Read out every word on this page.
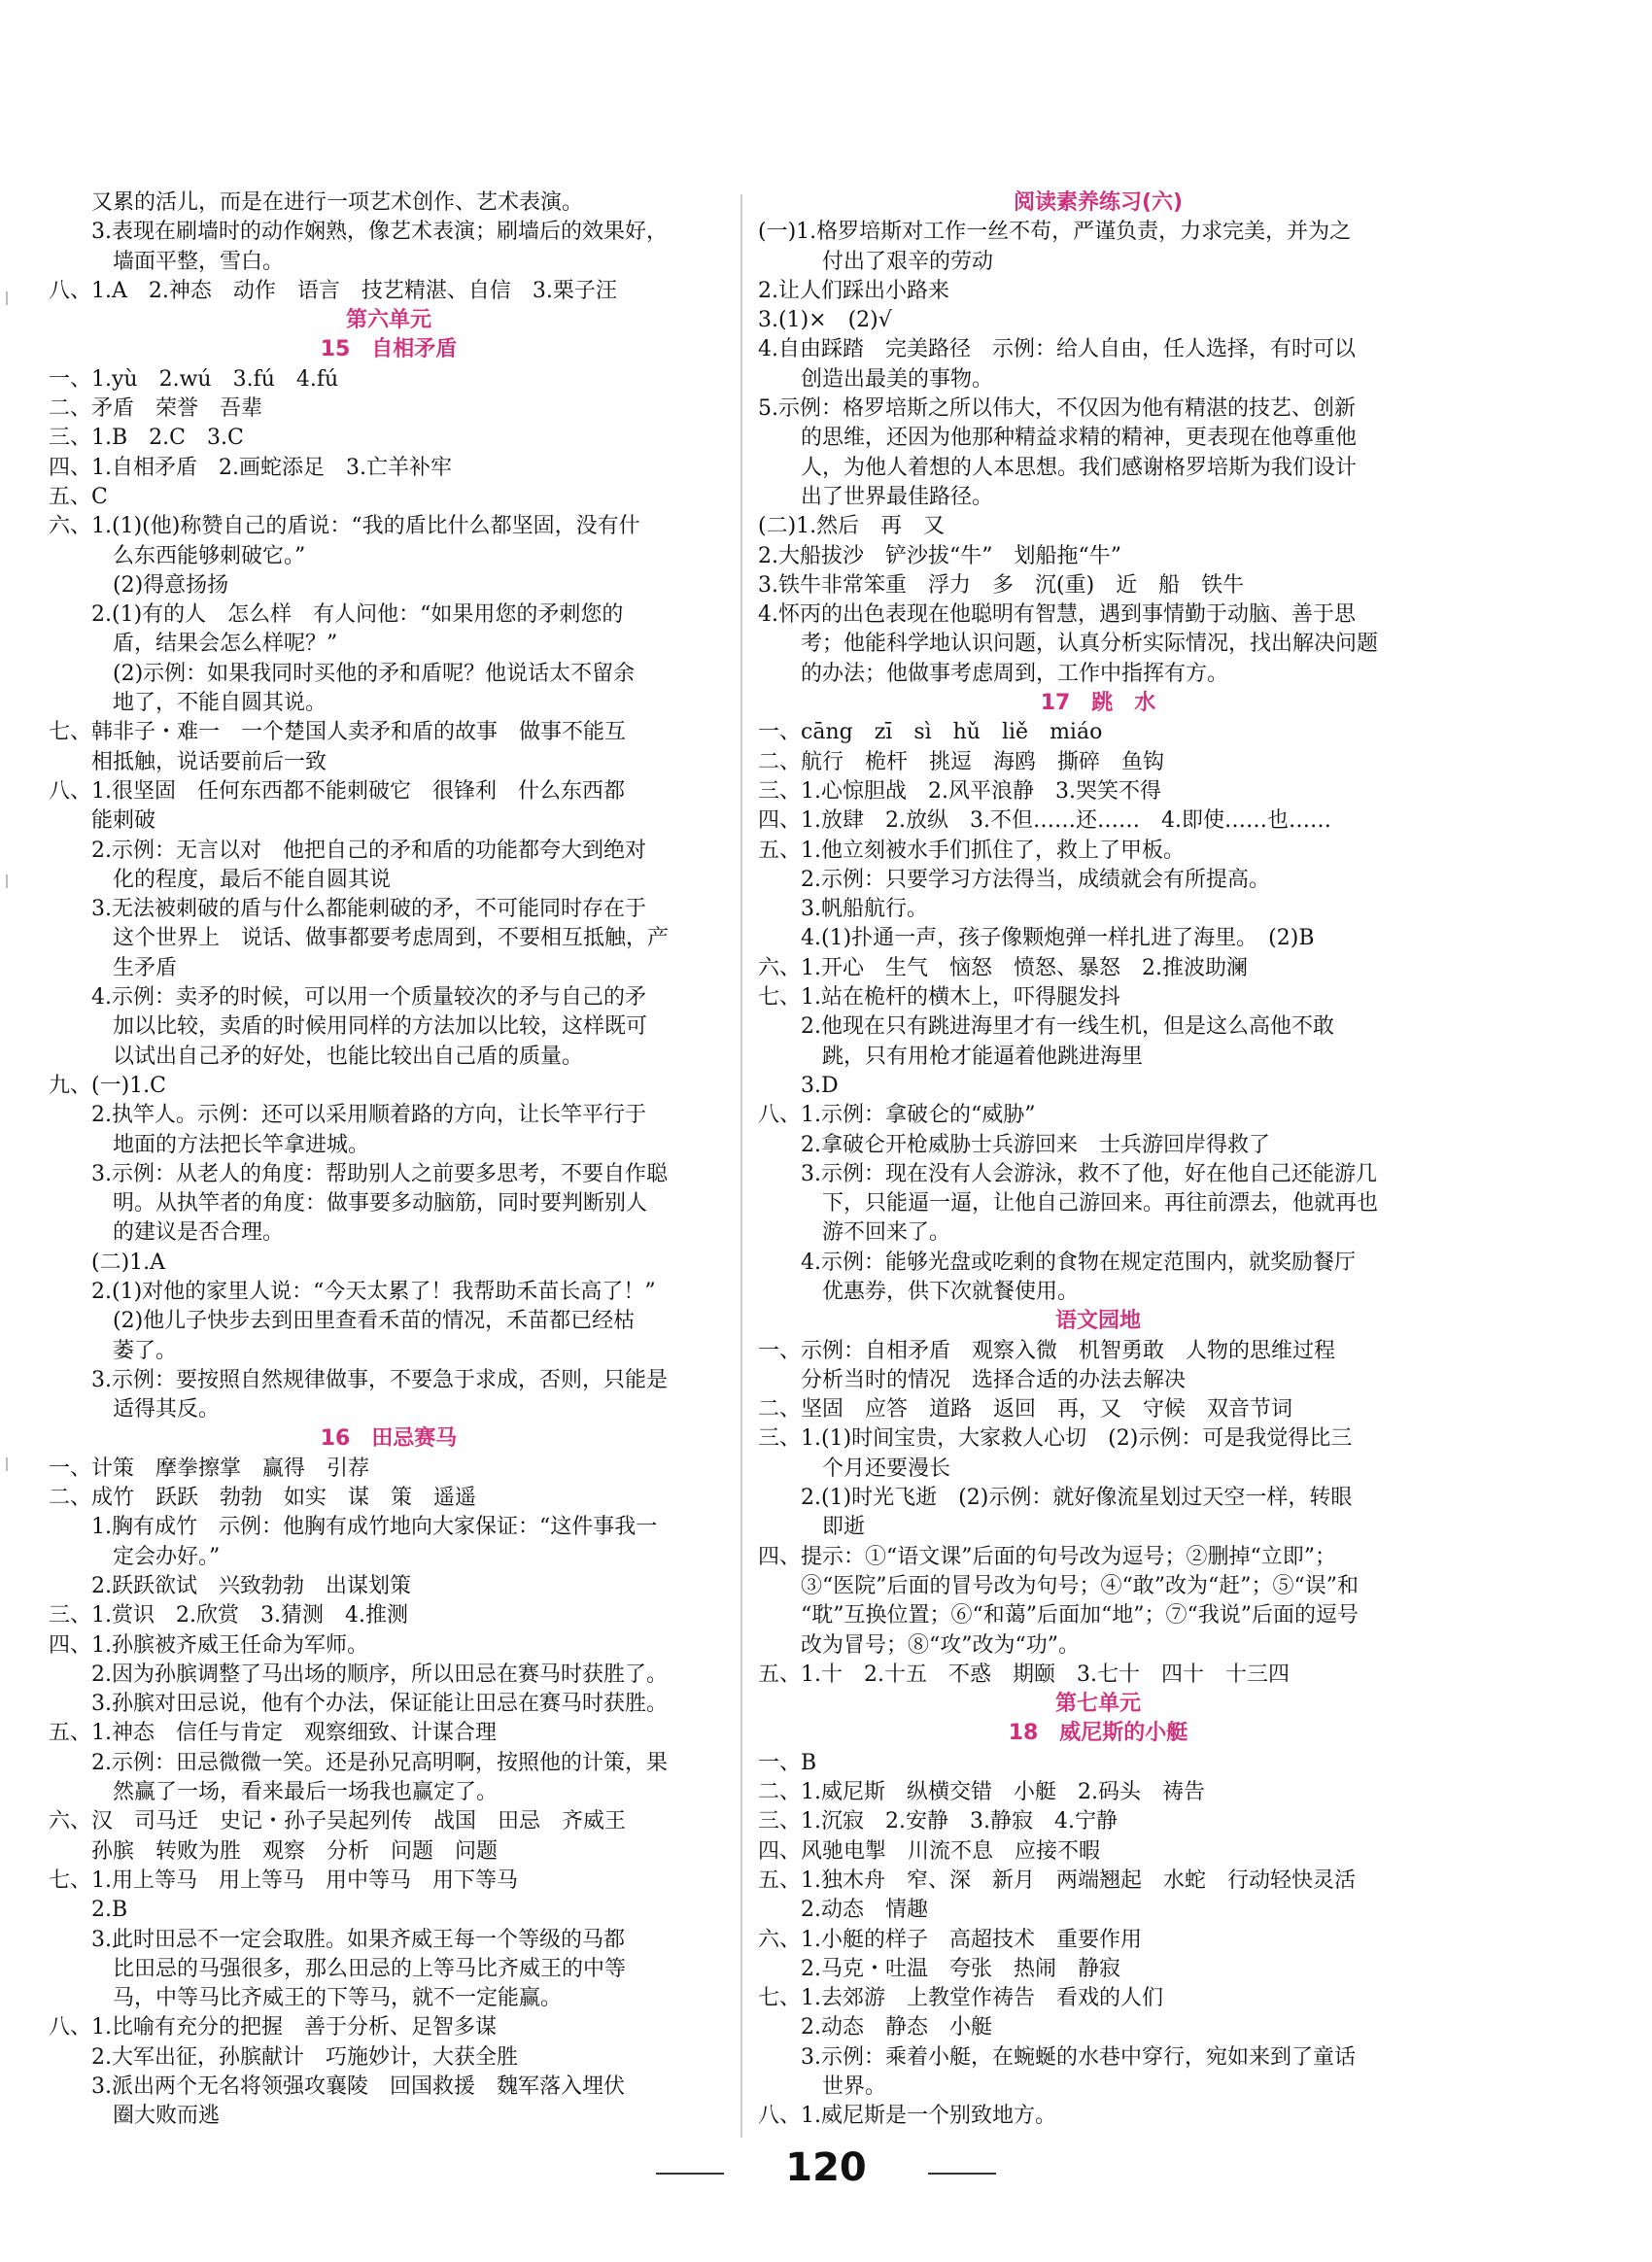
又累的活儿，而是在进行一项艺术创作、艺术表演。
3.表现在刷墙时的动作娴熟，像艺术表演；刷墙后的效果好，
墙面平整，雪白。
八、1.A　2.神态　动作　语言　技艺精湛、自信　3.栗子汪
第六单元
15　自相矛盾
一、1.yù　2.wú　3.fú　4.fú
二、矛盾　荣誉　吾辈
三、1.B　2.C　3.C
四、1.自相矛盾　2.画蛇添足　3.亡羊补牢
五、C
六、1.(1)(他)称赞自己的盾说：“我的盾比什么都坚固，没有什
么东西能够刺破它。”
(2)得意扬扬
2.(1)有的人　怎么样　有人问他：“如果用您的矛刺您的
盾，结果会怎么样呢？”
(2)示例：如果我同时买他的矛和盾呢？他说话太不留余
地了，不能自圆其说。
七、韩非子・难一　一个楚国人卖矛和盾的故事　做事不能互
相抵触，说话要前后一致
八、1.很坚固　任何东西都不能刺破它　很锋利　什么东西都
能刺破
2.示例：无言以对　他把自己的矛和盾的功能都夸大到绝对
化的程度，最后不能自圆其说
3.无法被刺破的盾与什么都能刺破的矛，不可能同时存在于
这个世界上　说话、做事都要考虑周到，不要相互抵触，产
生矛盾
4.示例：卖矛的时候，可以用一个质量较次的矛与自己的矛
加以比较，卖盾的时候用同样的方法加以比较，这样既可
以试出自己矛的好处，也能比较出自己盾的质量。
九、(一)1.C
2.执竿人。示例：还可以采用顺着路的方向，让长竿平行于
地面的方法把长竿拿进城。
3.示例：从老人的角度：帮助别人之前要多思考，不要自作聪
明。从执竿者的角度：做事要多动脑筋，同时要判断别人
的建议是否合理。
(二)1.A
2.(1)对他的家里人说：“今天太累了！我帮助禾苗长高了！”
(2)他儿子快步去到田里查看禾苗的情况，禾苗都已经枯
萎了。
3.示例：要按照自然规律做事，不要急于求成，否则，只能是
适得其反。
16　田忌赛马
一、计策　摩拳擦掌　赢得　引荐
二、成竹　跃跃　勃勃　如实　谋　策　遥遥
1.胸有成竹　示例：他胸有成竹地向大家保证：“这件事我一
定会办好。”
2.跃跃欲试　兴致勃勃　出谋划策
三、1.赏识　2.欣赏　3.猜测　4.推测
四、1.孙膑被齐威王任命为军师。
2.因为孙膑调整了马出场的顺序，所以田忌在赛马时获胜了。
3.孙膑对田忌说，他有个办法，保证能让田忌在赛马时获胜。
五、1.神态　信任与肯定　观察细致、计谋合理
2.示例：田忌微微一笑。还是孙兄高明啊，按照他的计策，果
然赢了一场，看来最后一场我也赢定了。
六、汉　司马迁　史记・孙子吴起列传　战国　田忌　齐威王
孙膑　转败为胜　观察　分析　问题　问题
七、1.用上等马　用上等马　用中等马　用下等马
2.B
3.此时田忌不一定会取胜。如果齐威王每一个等级的马都
比田忌的马强很多，那么田忌的上等马比齐威王的中等
马，中等马比齐威王的下等马，就不一定能赢。
八、1.比喻有充分的把握　善于分析、足智多谋
2.大军出征，孙膑献计　巧施妙计，大获全胜
3.派出两个无名将领强攻襄陵　回国救援　魏军落入埋伏
圈大败而逃
阅读素养练习(六)
(一)1.格罗培斯对工作一丝不苟，严谨负责，力求完美，并为之
付出了艰辛的劳动
2.让人们踩出小路来
3.(1)×　(2)√
4.自由踩踏　完美路径　示例：给人自由，任人选择，有时可以
创造出最美的事物。
5.示例：格罗培斯之所以伟大，不仅因为他有精湛的技艺、创新
的思维，还因为他那种精益求精的精神，更表现在他尊重他
人，为他人着想的人本思想。我们感谢格罗培斯为我们设计
出了世界最佳路径。
(二)1.然后　再　又
2.大船拔沙　铲沙拔“牛”　划船拖“牛”
3.铁牛非常笨重　浮力　多　沉(重)　近　船　铁牛
4.怀丙的出色表现在他聪明有智慧，遇到事情勤于动脑、善于思
考；他能科学地认识问题，认真分析实际情况，找出解决问题
的办法；他做事考虑周到，工作中指挥有方。
17　跳　水
一、cāng　zī　sì　hǔ　liě　miáo
二、航行　桅杆　挑逗　海鸥　撕碎　鱼钩
三、1.心惊胆战　2.风平浪静　3.哭笑不得
四、1.放肆　2.放纵　3.不但……还……　4.即使……也……
五、1.他立刻被水手们抓住了，救上了甲板。
2.示例：只要学习方法得当，成绩就会有所提高。
3.帆船航行。
4.(1)扑通一声，孩子像颗炮弹一样扎进了海里。　(2)B
六、1.开心　生气　恼怒　愤怒、暴怒　2.推波助澜
七、1.站在桅杆的横木上，吓得腿发抖
2.他现在只有跳进海里才有一线生机，但是这么高他不敢
跳，只有用枪才能逼着他跳进海里
3.D
八、1.示例：拿破仑的“威胁”
2.拿破仑开枪威胁士兵游回来　士兵游回岸得救了
3.示例：现在没有人会游泳，救不了他，好在他自己还能游几
下，只能逼一逼，让他自己游回来。再往前漂去，他就再也
游不回来了。
4.示例：能够光盘或吃剩的食物在规定范围内，就奖励餐厅
优惠券，供下次就餐使用。
语文园地
一、示例：自相矛盾　观察入微　机智勇敢　人物的思维过程
分析当时的情况　选择合适的办法去解决
二、坚固　应答　道路　返回　再，又　守候　双音节词
三、1.(1)时间宝贵，大家救人心切　(2)示例：可是我觉得比三
个月还要漫长
2.(1)时光飞逝　(2)示例：就好像流星划过天空一样，转眼
即逝
四、提示：①“语文课”后面的句号改为逗号；②删掉“立即”；
③“医院”后面的冒号改为句号；④“敢”改为“赶”；⑤“误”和
“耽”互换位置；⑥“和蔼”后面加“地”；⑦“我说”后面的逗号
改为冒号；⑧“攻”改为“功”。
五、1.十　2.十五　不惑　期颐　3.七十　四十　十三四
第七单元
18　威尼斯的小艇
一、B
二、1.威尼斯　纵横交错　小艇　2.码头　祷告
三、1.沉寂　2.安静　3.静寂　4.宁静
四、风驰电掣　川流不息　应接不暇
五、1.独木舟　窄、深　新月　两端翘起　水蛇　行动轻快灵活
2.动态　情趣
六、1.小艇的样子　高超技术　重要作用
2.马克・吐温　夸张　热闹　静寂
七、1.去郊游　上教堂作祷告　看戏的人们
2.动态　静态　小艇
3.示例：乘着小艇，在蜿蜒的水巷中穿行，宛如来到了童话
世界。
八、1.威尼斯是一个别致地方。
120
